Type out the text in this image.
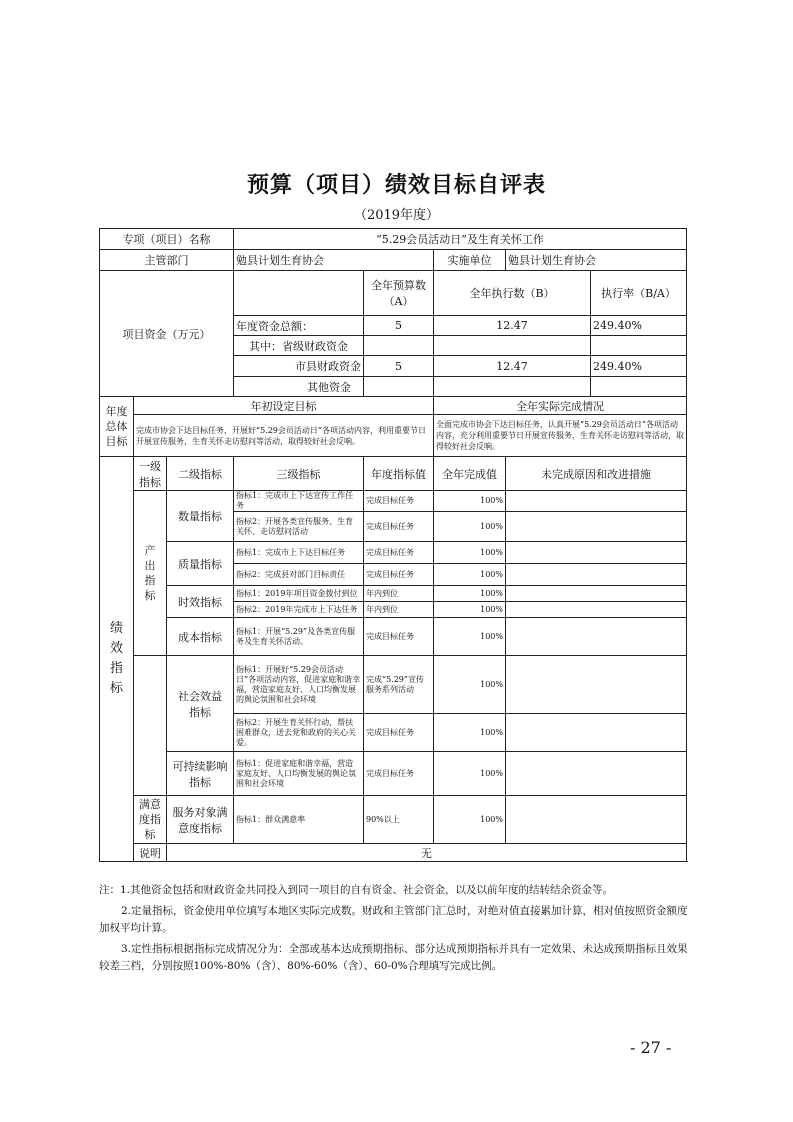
预算（项目）绩效目标自评表
（2019年度）
专项（项目）名称			“5.29会员活动日”及生育关怀工作				
主管部门			勉县计划生育协会		实施单位	勉县计划生育协会	
项目资金（万元）				全年预算数（A）	全年执行数（B）		执行率（B/A）
			年度资金总额：	5	12.47		249.40%
			其中：省级财政资金				
			市县财政资金	5	12.47		249.40%
			其他资金				
年度总体目标	年初设定目标				全年实际完成情况		
	完成市协会下达目标任务，开展好“5.29会员活动日”各项活动内容，利用重要节日开展宣传服务，生育关怀走访慰问等活动，取得较好社会反响。				全面完成市协会下达目标任务，认真开展“5.29会员活动日”各项活动内容，充分利用重要节日开展宣传服务，生育关怀走访慰问等活动，取得较好社会反响。		
绩效指标	一级指标	二级指标	三级指标	年度指标值	全年完成值	未完成原因和改进措施	
	产出指标	数量指标	指标1：完成市上下达宣传工作任务	完成目标任务	100%		
			指标2：开展各类宣传服务、生育关怀、走访慰问活动	完成目标任务	100%		
		质量指标	指标1：完成市上下达目标任务	完成目标任务	100%		
			指标2：完成县对部门目标责任	完成目标任务	100%		
		时效指标	指标1：2019年项目资金拨付到位	年内到位	100%		
			指标2：2019年完成市上下达任务	年内到位	100%		
		成本指标	指标1：开展“5.29”及各类宣传服务及生育关怀活动。	完成目标任务	100%		
	效益指标	社会效益指标	指标1：开展好“5.29会员活动日”各项活动内容，促进家庭和谐幸福，营造家庭友好、人口均衡发展的舆论氛围和社会环境	完成“5.29”宣传服务系列活动	100%		
			指标2：开展生育关怀行动，帮扶困难群众，送去党和政府的关心关爱。	完成目标任务	100%		
		可持续影响指标	指标1：促进家庭和谐幸福，营造家庭友好、人口均衡发展的舆论氛围和社会环境	完成目标任务	100%		
	满意度指标	服务对象满意度指标	指标1：群众满意率	90%以上	100%		
	说明	无					

注：1.其他资金包括和财政资金共同投入到同一项目的自有资金、社会资金，以及以前年度的结转结余资金等。

2.定量指标，资金使用单位填写本地区实际完成数。财政和主管部门汇总时，对绝对值直接累加计算，相对值按照资金额度加权平均计算。

3.定性指标根据指标完成情况分为：全部或基本达成预期指标、部分达成预期指标并具有一定效果、未达成预期指标且效果较差三档，分别按照100%-80%（含）、80%-60%（含）、60-0%合理填写完成比例。

- 27 -
